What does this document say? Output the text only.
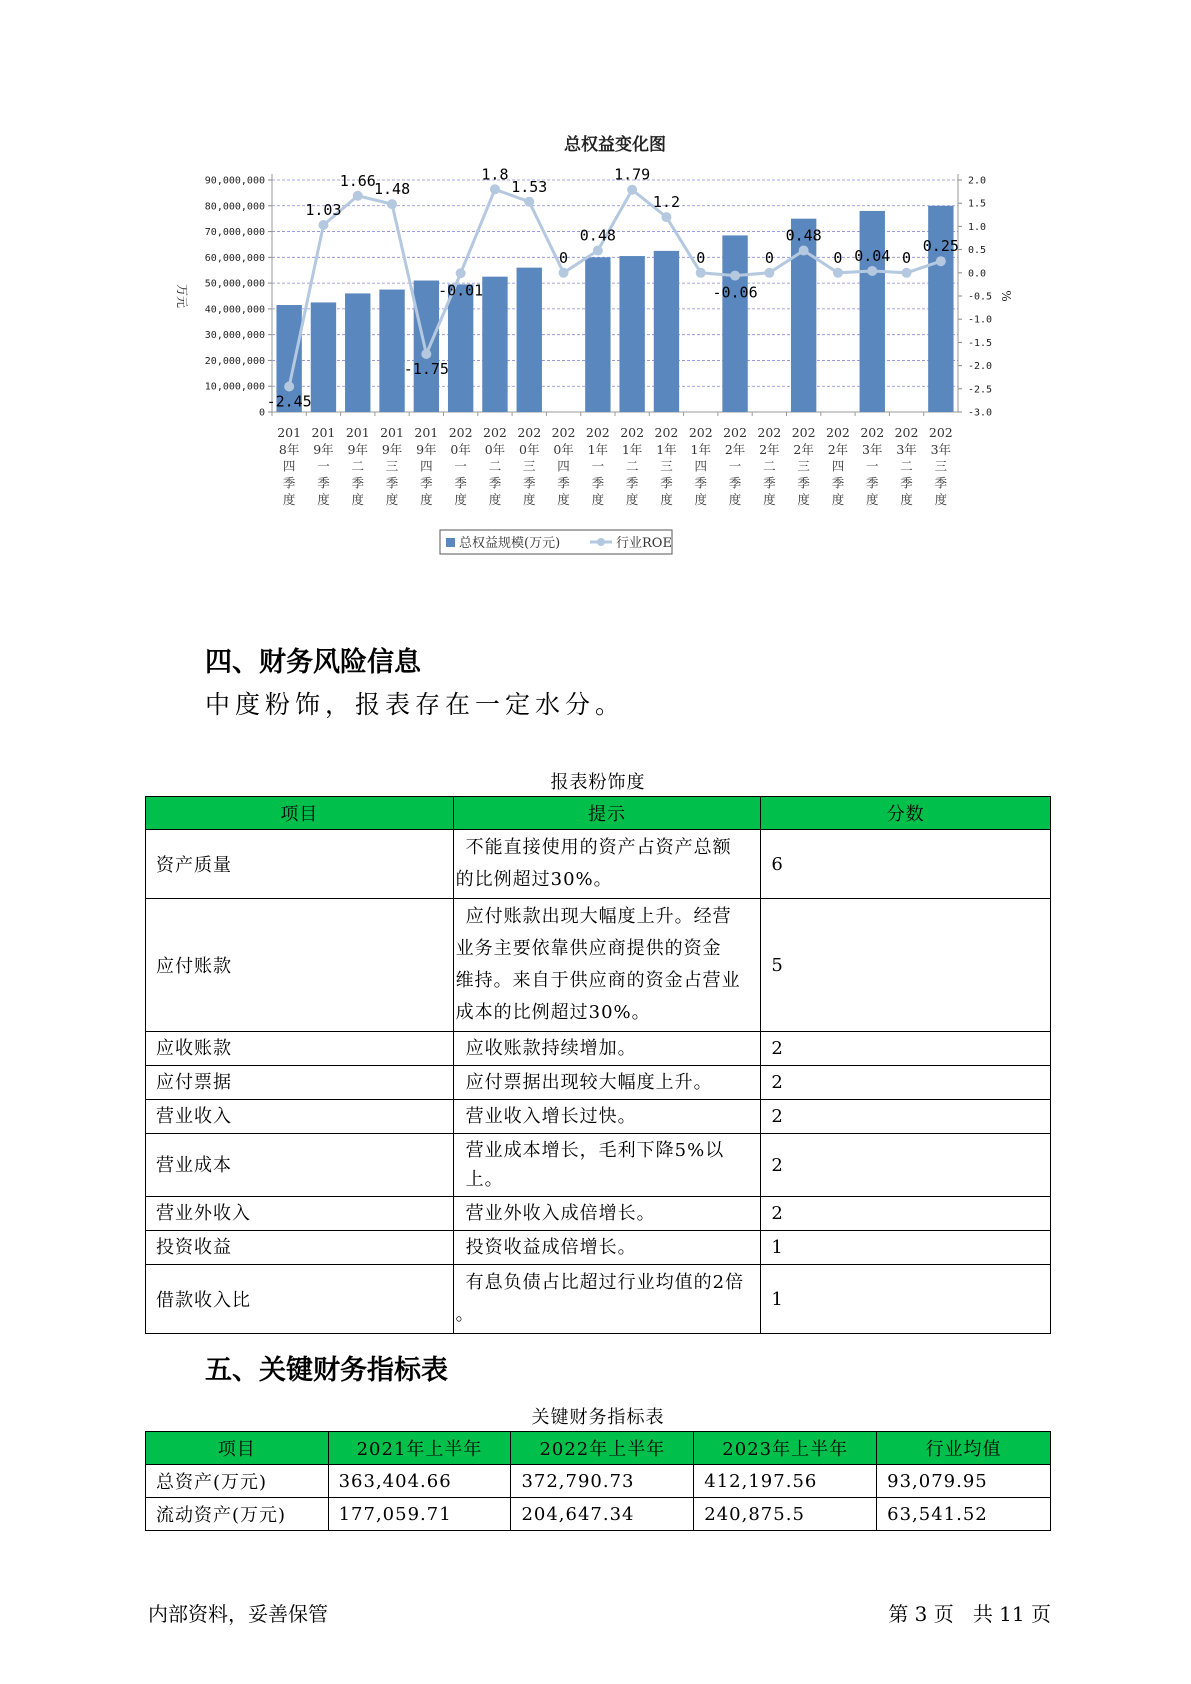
总权益变化图
0
10,000,000
20,000,000
30,000,000
40,000,000
50,000,000
60,000,000
70,000,000
80,000,000
90,000,000	2.0
1.5
1.0
0.5
0.0
-0.5
-1.0
-1.5
-2.0
-2.5
-3.0
万元	%
201
8年
四
季
度
201
9年
一
季
度
201
9年
二
季
度
201
9年
三
季
度
201
9年
四
季
度
202
0年
一
季
度
202
0年
二
季
度
202
0年
三
季
度
202
0年
四
季
度
202
1年
一
季
度
202
1年
二
季
度
202
1年
三
季
度
202
1年
四
季
度
202
2年
一
季
度
202
2年
二
季
度
202
2年
三
季
度
202
2年
四
季
度
202
3年
一
季
度
202
3年
二
季
度
202
3年
三
季
度
-2.45
1.03
1.66
1.48
-1.75
-0.01
1.8
1.53
0
0.48
1.79
1.2
0
-0.06
0
0.48
0 0.04 0
0.25
总权益规模(万元)	行业ROE
四、财务风险信息

中度粉饰，报表存在一定水分。

报表粉饰度
项目	提示	分数
资产质量	不能直接使用的资产占资产总额
的比例超过30%。	6
应付账款	应付账款出现大幅度上升。经营
业务主要依靠供应商提供的资金
维持。来自于供应商的资金占营业
成本的比例超过30%。	5
应收账款	应收账款持续增加。	2
应付票据	应付票据出现较大幅度上升。	2
营业收入	营业收入增长过快。	2
营业成本	营业成本增长，毛利下降5%以上。	2
营业外收入	营业外收入成倍增长。	2
投资收益	投资收益成倍增长。	1
借款收入比	有息负债占比超过行业均值的2倍
。	1
五、关键财务指标表
关键财务指标表
项目	2021年上半年	2022年上半年	2023年上半年	行业均值
总资产(万元)	363,404.66	372,790.73	412,197.56	93,079.95
流动资产(万元)	177,059.71	204,647.34	240,875.5	63,541.52
内部资料，妥善保管	第 3 页   共 11 页
